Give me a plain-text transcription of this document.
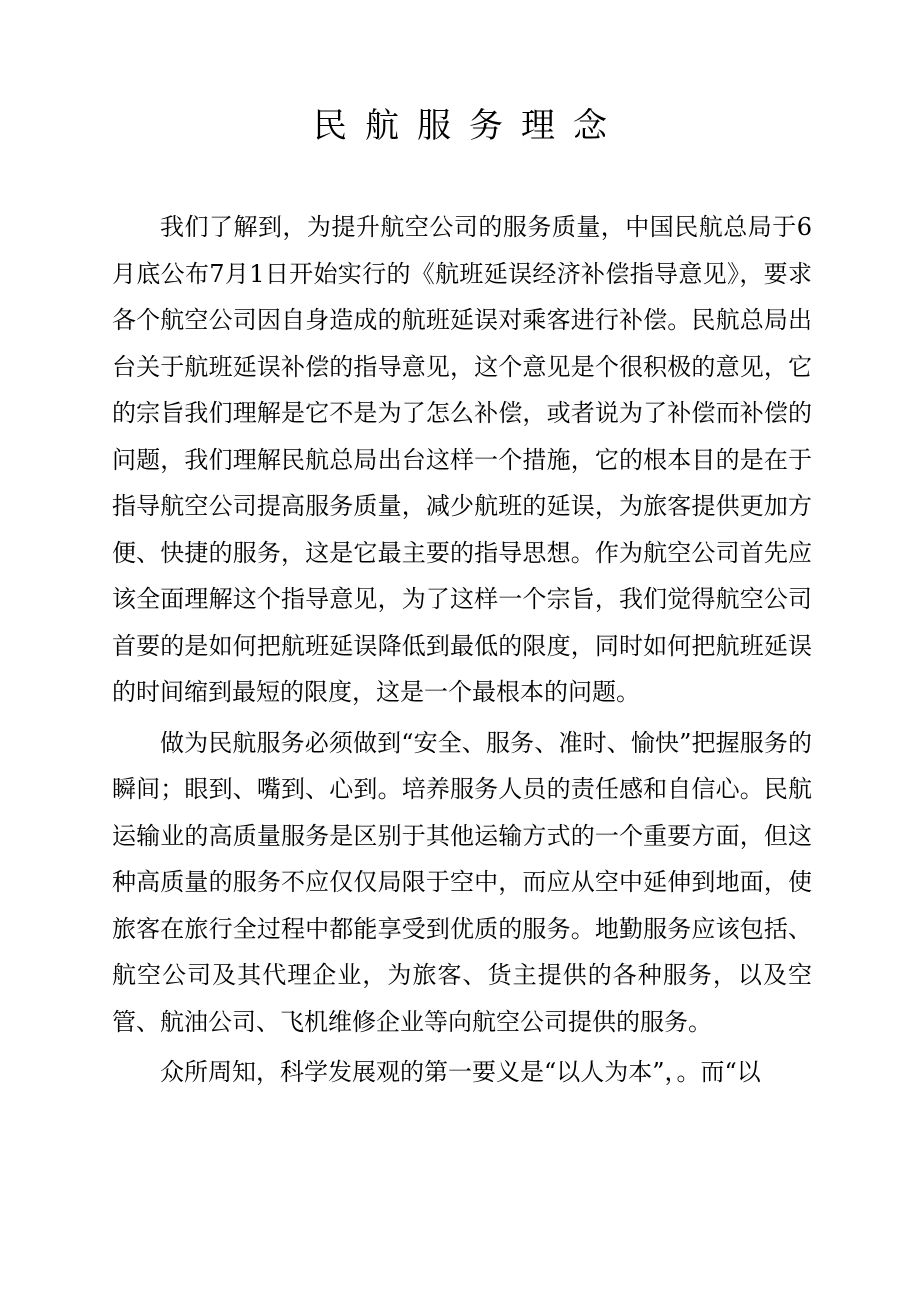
民航服务理念

我们了解到，为提升航空公司的服务质量，中国民航总局于6月底公布7月1日开始实行的《航班延误经济补偿指导意见》，要求各个航空公司因自身造成的航班延误对乘客进行补偿。民航总局出台关于航班延误补偿的指导意见，这个意见是个很积极的意见，它的宗旨我们理解是它不是为了怎么补偿，或者说为了补偿而补偿的问题，我们理解民航总局出台这样一个措施，它的根本目的是在于指导航空公司提高服务质量，减少航班的延误，为旅客提供更加方便、快捷的服务，这是它最主要的指导思想。作为航空公司首先应该全面理解这个指导意见，为了这样一个宗旨，我们觉得航空公司首要的是如何把航班延误降低到最低的限度，同时如何把航班延误的时间缩到最短的限度，这是一个最根本的问题。

做为民航服务必须做到“安全、服务、准时、愉快”把握服务的瞬间；眼到、嘴到、心到。培养服务人员的责任感和自信心。民航运输业的高质量服务是区别于其他运输方式的一个重要方面，但这种高质量的服务不应仅仅局限于空中，而应从空中延伸到地面，使旅客在旅行全过程中都能享受到优质的服务。地勤服务应该包括、航空公司及其代理企业，为旅客、货主提供的各种服务，以及空管、航油公司、飞机维修企业等向航空公司提供的服务。

众所周知，科学发展观的第一要义是“以人为本”，。而“以
